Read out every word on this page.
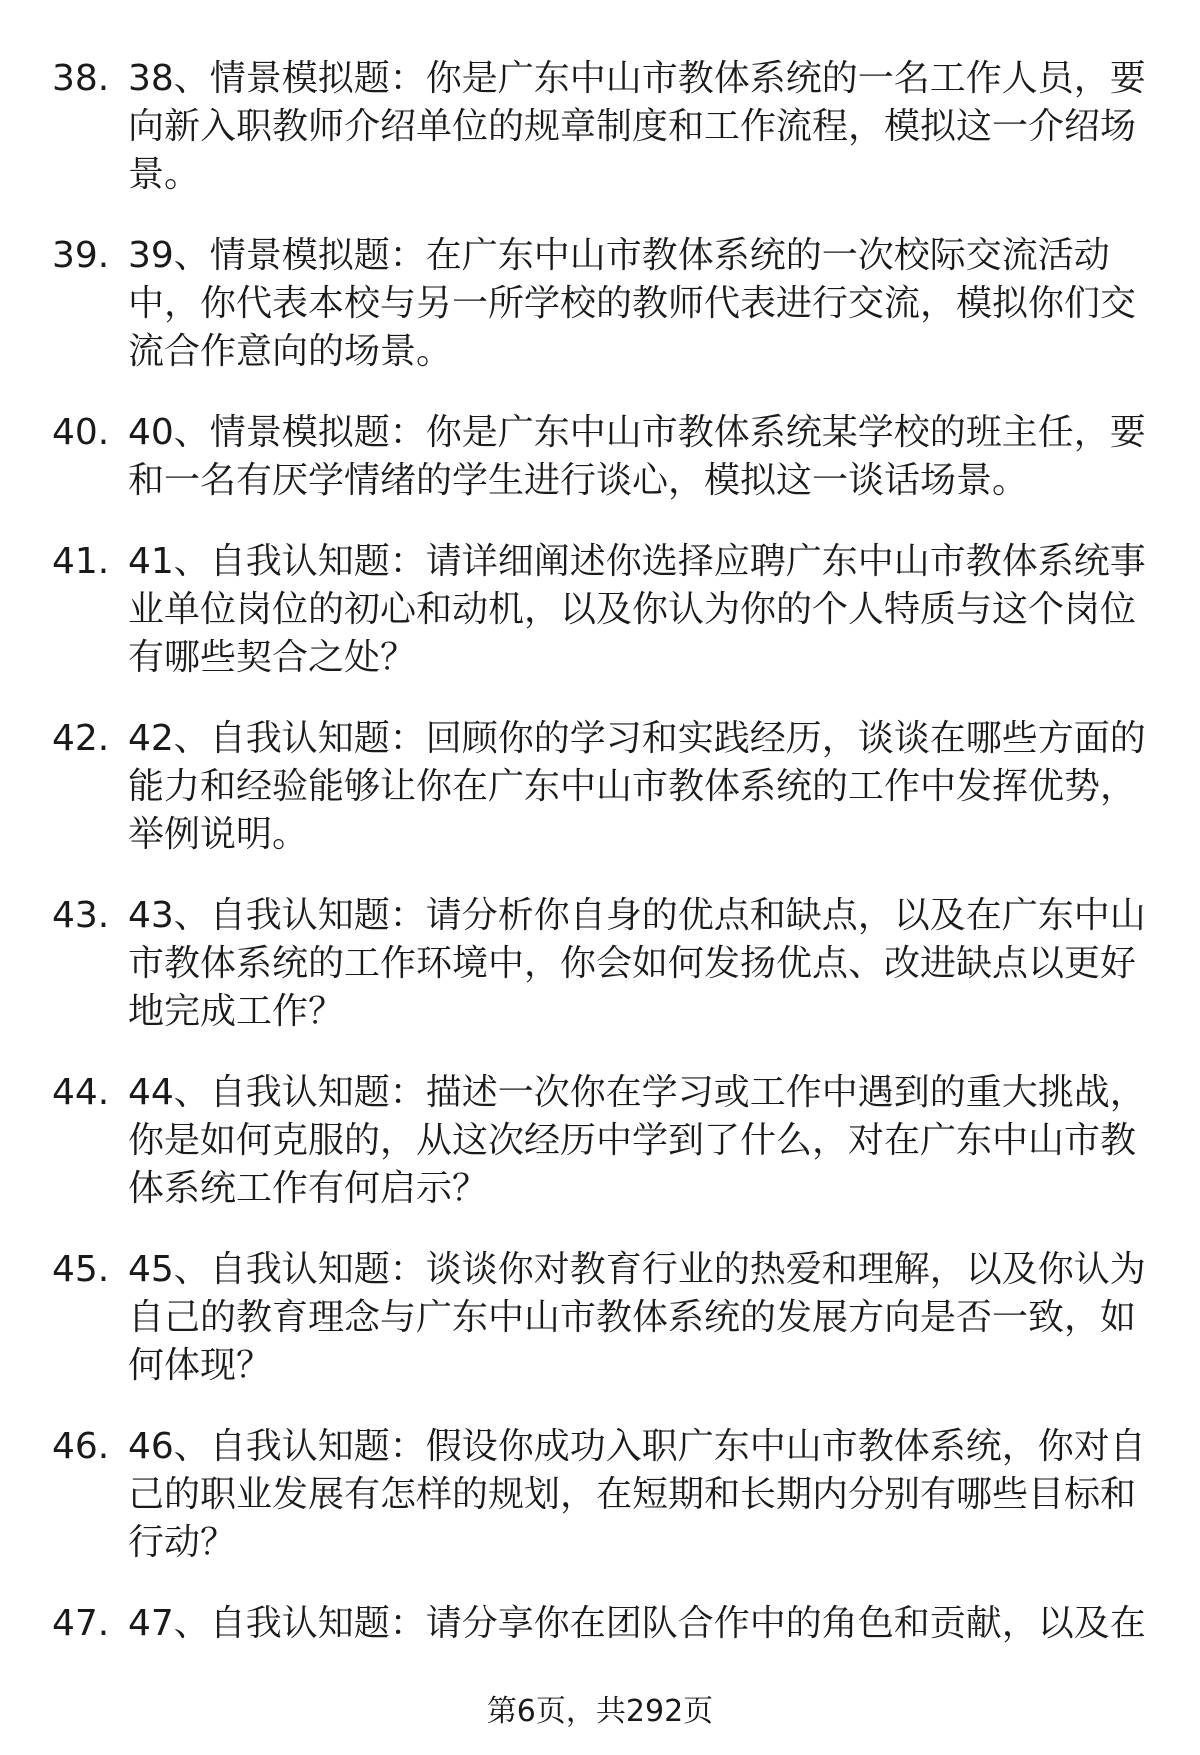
38. 38、情景模拟题：你是广东中山市教体系统的一名工作人员，要向新入职教师介绍单位的规章制度和工作流程，模拟这一介绍场景。
39. 39、情景模拟题：在广东中山市教体系统的一次校际交流活动中，你代表本校与另一所学校的教师代表进行交流，模拟你们交流合作意向的场景。
40. 40、情景模拟题：你是广东中山市教体系统某学校的班主任，要和一名有厌学情绪的学生进行谈心，模拟这一谈话场景。
41. 41、自我认知题：请详细阐述你选择应聘广东中山市教体系统事业单位岗位的初心和动机，以及你认为你的个人特质与这个岗位有哪些契合之处？
42. 42、自我认知题：回顾你的学习和实践经历，谈谈在哪些方面的能力和经验能够让你在广东中山市教体系统的工作中发挥优势，举例说明。
43. 43、自我认知题：请分析你自身的优点和缺点，以及在广东中山市教体系统的工作环境中，你会如何发扬优点、改进缺点以更好地完成工作？
44. 44、自我认知题：描述一次你在学习或工作中遇到的重大挑战，你是如何克服的，从这次经历中学到了什么，对在广东中山市教体系统工作有何启示？
45. 45、自我认知题：谈谈你对教育行业的热爱和理解，以及你认为自己的教育理念与广东中山市教体系统的发展方向是否一致，如何体现？
46. 46、自我认知题：假设你成功入职广东中山市教体系统，你对自己的职业发展有怎样的规划，在短期和长期内分别有哪些目标和行动？
47. 47、自我认知题：请分享你在团队合作中的角色和贡献，以及在
第6页，共292页
